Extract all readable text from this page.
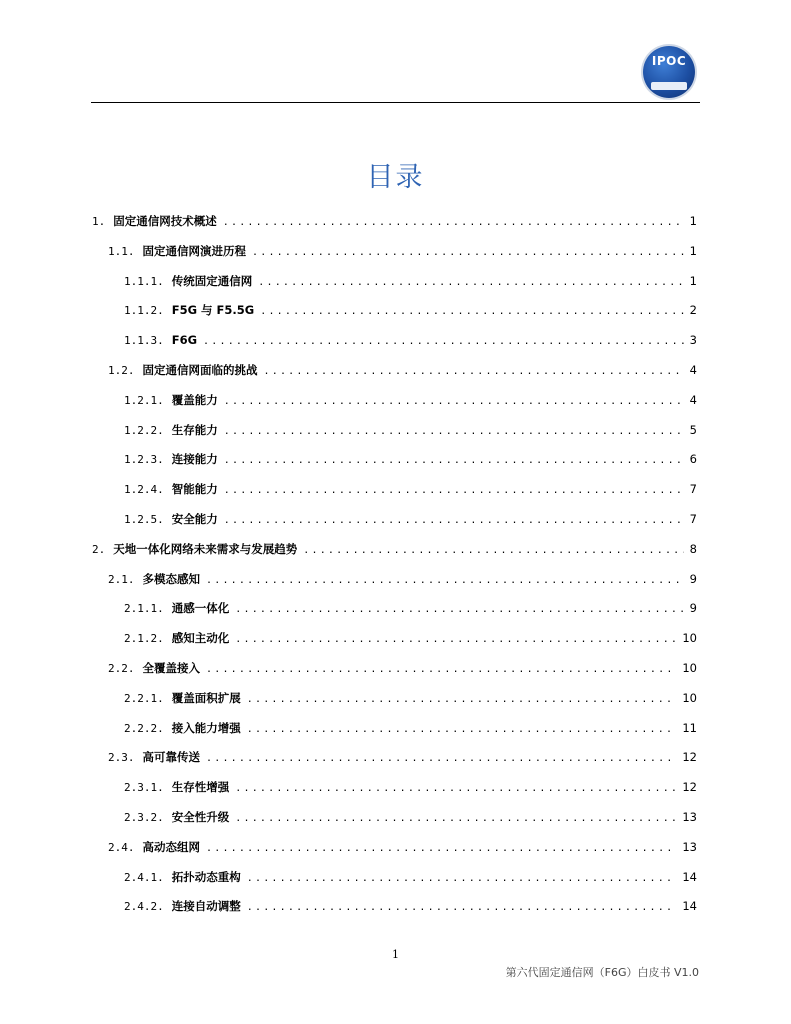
IPOC
目录
1. 固定通信网技术概述 .....	1
1.1. 固定通信网演进历程 .....	1
1.1.1. 传统固定通信网 .....	1
1.1.2. F5G 与 F5.5G .....	2
1.1.3. F6G .....	3
1.2. 固定通信网面临的挑战 .....	4
1.2.1. 覆盖能力 .....	4
1.2.2. 生存能力 .....	5
1.2.3. 连接能力 .....	6
1.2.4. 智能能力 .....	7
1.2.5. 安全能力 .....	7
2. 天地一体化网络未来需求与发展趋势 .....	8
2.1. 多模态感知 .....	9
2.1.1. 通感一体化 .....	9
2.1.2. 感知主动化 .....	10
2.2. 全覆盖接入 .....	10
2.2.1. 覆盖面积扩展 .....	10
2.2.2. 接入能力增强 .....	11
2.3. 高可靠传送 .....	12
2.3.1. 生存性增强 .....	12
2.3.2. 安全性升级 .....	13
2.4. 高动态组网 .....	13
2.4.1. 拓扑动态重构 .....	14
2.4.2. 连接自动调整 .....	14
1
第六代固定通信网（F6G）白皮书 V1.0
